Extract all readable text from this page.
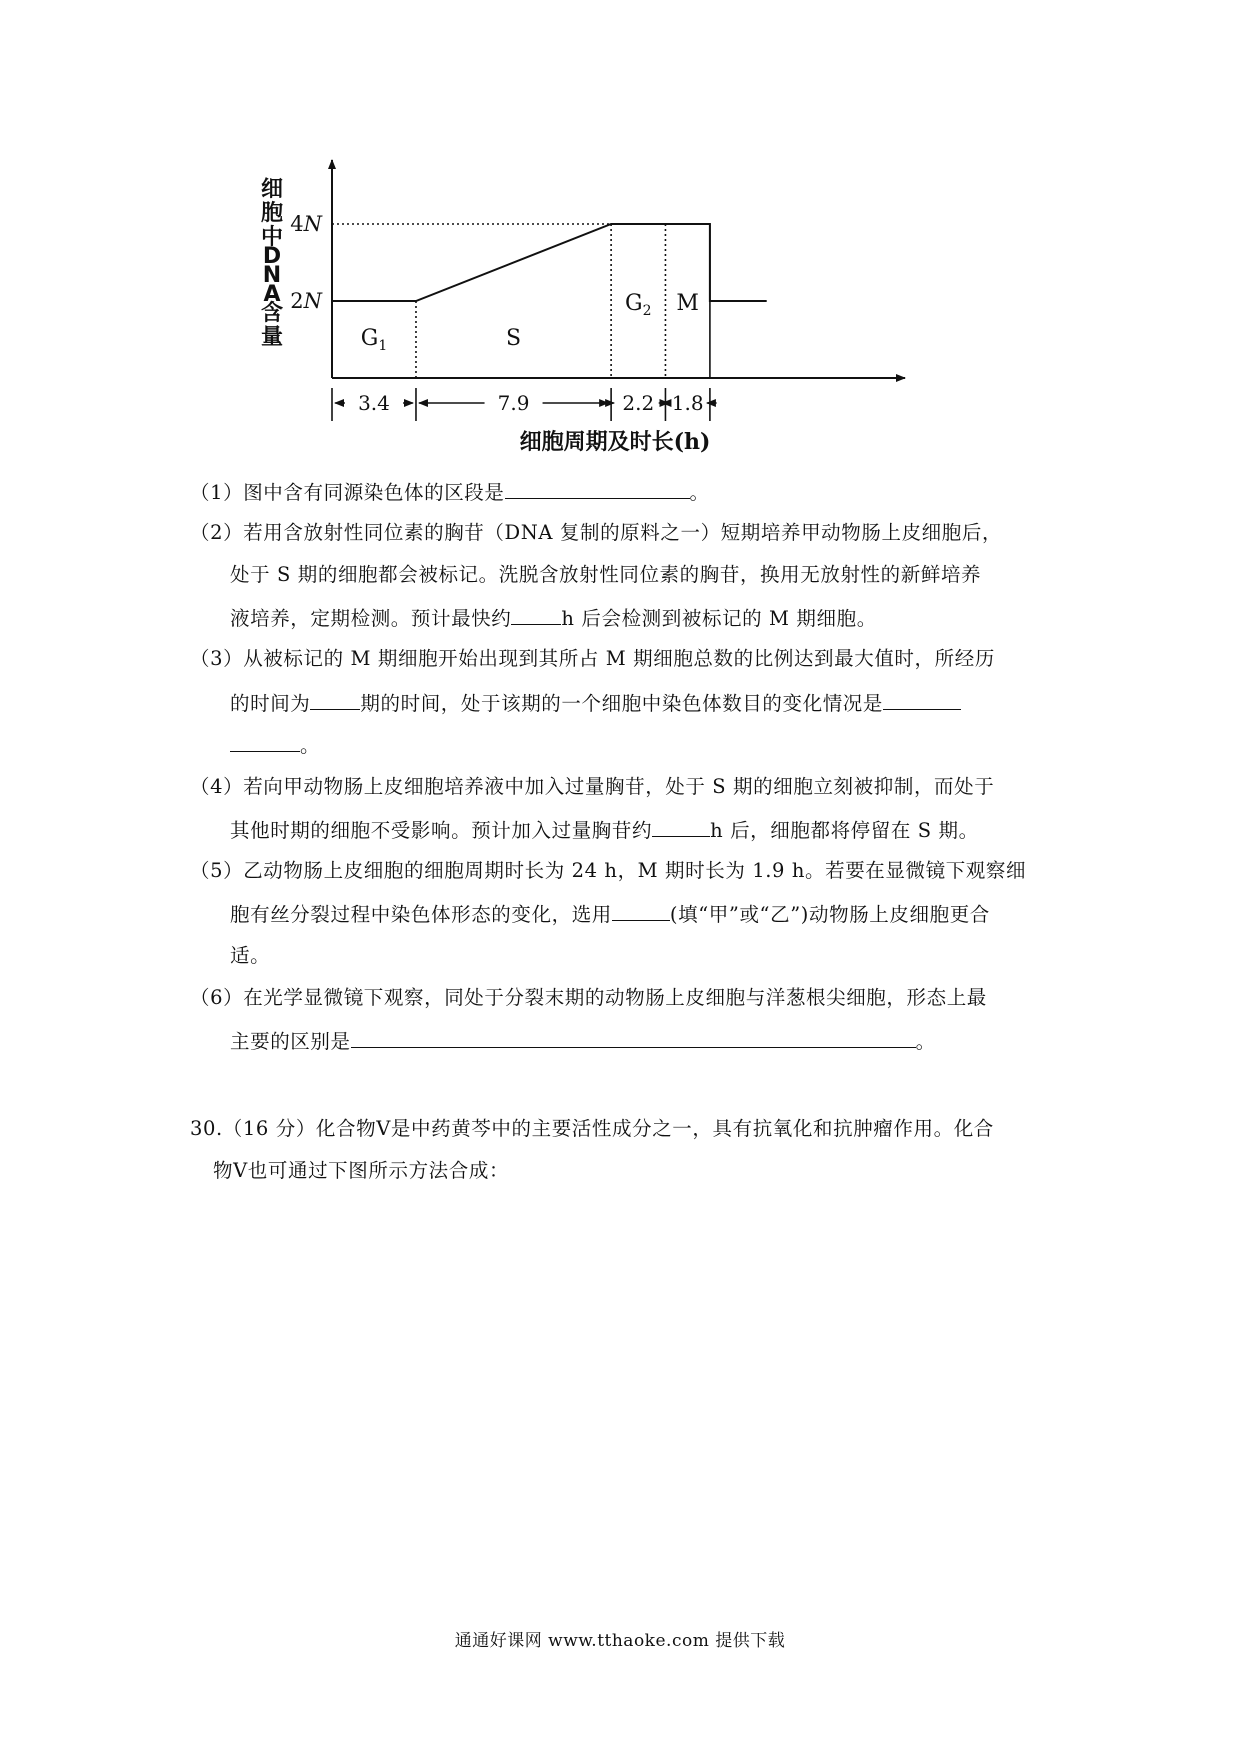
2N
4N
细胞中 D N A 含量	$G_1$	S
$G_2$ M
3.4	7.9	2.2 1.8
细胞周期及时长(h)
（1）图中含有同源染色体的区段是	。
（2）若用含放射性同位素的胸苷（DNA 复制的原料之一）短期培养甲动物肠上皮细胞后，
处于 S 期的细胞都会被标记。洗脱含放射性同位素的胸苷，换用无放射性的新鲜培养
液培养，定期检测。预计最快约	h 后会检测到被标记的 M 期细胞。
（3）从被标记的 M 期细胞开始出现到其所占 M 期细胞总数的比例达到最大值时，所经历
的时间为	期的时间，处于该期的一个细胞中染色体数目的变化情况是
。
（4）若向甲动物肠上皮细胞培养液中加入过量胸苷，处于 S 期的细胞立刻被抑制，而处于
其他时期的细胞不受影响。预计加入过量胸苷约	h 后，细胞都将停留在 S 期。
（5）乙动物肠上皮细胞的细胞周期时长为 24 h，M 期时长为 1.9 h。若要在显微镜下观察细
胞有丝分裂过程中染色体形态的变化，选用	(填“甲”或“乙”)动物肠上皮细胞更合
适。
（6）在光学显微镜下观察，同处于分裂末期的动物肠上皮细胞与洋葱根尖细胞，形态上最
主要的区别是	。
30.（16 分）化合物Ⅴ是中药黄芩中的主要活性成分之一，具有抗氧化和抗肿瘤作用。化合
物Ⅴ也可通过下图所示方法合成：
通通好课网 www.tthaoke.com 提供下载
